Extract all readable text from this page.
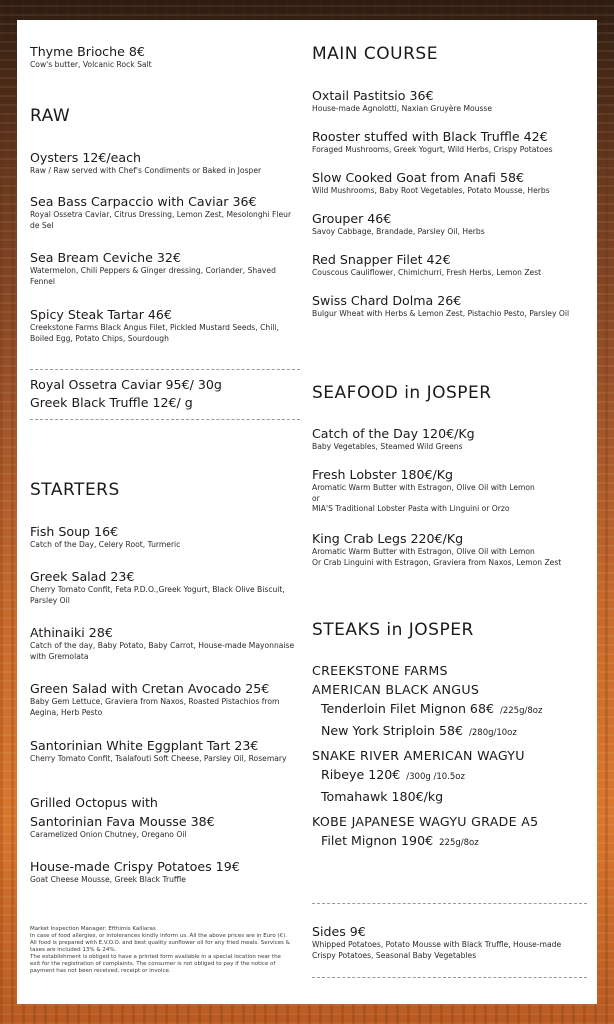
Thyme Brioche 8€
Cow's butter, Volcanic Rock Salt
RAW
Oysters 12€/each
Raw / Raw served with Chef's Condiments or Baked in Josper
Sea Bass Carpaccio with Caviar 36€
Royal Ossetra Caviar, Citrus Dressing, Lemon Zest, Mesolonghi Fleur de Sel
Sea Bream Ceviche 32€
Watermelon, Chili Peppers & Ginger dressing, Coriander, Shaved Fennel
Spicy Steak Tartar 46€
Creekstone Farms Black Angus Filet, Pickled Mustard Seeds, Chili, Boiled Egg, Potato Chips, Sourdough
Royal Ossetra Caviar 95€/ 30g
Greek Black Truffle 12€/ g
STARTERS
Fish Soup 16€
Catch of the Day, Celery Root, Turmeric
Greek Salad 23€
Cherry Tomato Confit, Feta P.D.O.,Greek Yogurt, Black Olive Biscuit, Parsley Oil
Athinaiki 28€
Catch of the day, Baby Potato, Baby Carrot, House-made Mayonnaise with Gremolata
Green Salad with Cretan Avocado 25€
Baby Gem Lettuce, Graviera from Naxos, Roasted Pistachios from Aegina, Herb Pesto
Santorinian White Eggplant Tart 23€
Cherry Tomato Confit, Tsalafouti Soft Cheese, Parsley Oil, Rosemary
Grilled Octopus with
Santorinian Fava Mousse 38€
Caramelized Onion Chutney, Oregano Oil
House-made Crispy Potatoes 19€
Goat Cheese Mousse, Greek Black Truffle
Market Inspection Manager: Efthimis Kalliaras
In case of food allergies, or intolerances kindly inform us. All the above prices are in Euro (€). All food is prepared with E.V.O.O. and best quality sunflower oil for any fried meals. Services & taxes are included 13% & 24%.
The establishment is obliged to have a printed form available in a special location near the exit for the registration of complaints. The consumer is not obliged to pay if the notice of payment has not been received, receipt or invoice.
MAIN COURSE
Oxtail Pastitsio 36€
House-made Agnolotti, Naxian Gruyère Mousse
Rooster stuffed with Black Truffle 42€
Foraged Mushrooms, Greek Yogurt, Wild Herbs, Crispy Potatoes
Slow Cooked Goat from Anafi 58€
Wild Mushrooms, Baby Root Vegetables, Potato Mousse, Herbs
Grouper 46€
Savoy Cabbage, Brandade, Parsley Oil, Herbs
Red Snapper Filet 42€
Couscous Cauliflower, Chimichurri, Fresh Herbs, Lemon Zest
Swiss Chard Dolma 26€
Bulgur Wheat with Herbs & Lemon Zest, Pistachio Pesto, Parsley Oil
SEAFOOD in JOSPER
Catch of the Day 120€/Kg
Baby Vegetables, Steamed Wild Greens
Fresh Lobster 180€/Kg
Aromatic Warm Butter with Estragon, Olive Oil with Lemon
or
MIA'S Traditional Lobster Pasta with Linguini or Orzo
King Crab Legs 220€/Kg
Aromatic Warm Butter with Estragon, Olive Oil with Lemon
Or Crab Linguini with Estragon, Graviera from Naxos, Lemon Zest
STEAKS in JOSPER
CREEKSTONE FARMS
AMERICAN BLACK ANGUS
Tenderloin Filet Mignon 68€ /225g/8oz
New York Striploin 58€ /280g/10oz
SNAKE RIVER AMERICAN WAGYU
Ribeye 120€ /300g /10.5oz
Tomahawk 180€/kg
KOBE JAPANESE WAGYU GRADE A5
Filet Mignon 190€ 225g/8oz
Sides 9€
Whipped Potatoes, Potato Mousse with Black Truffle, House-made Crispy Potatoes, Seasonal Baby Vegetables
